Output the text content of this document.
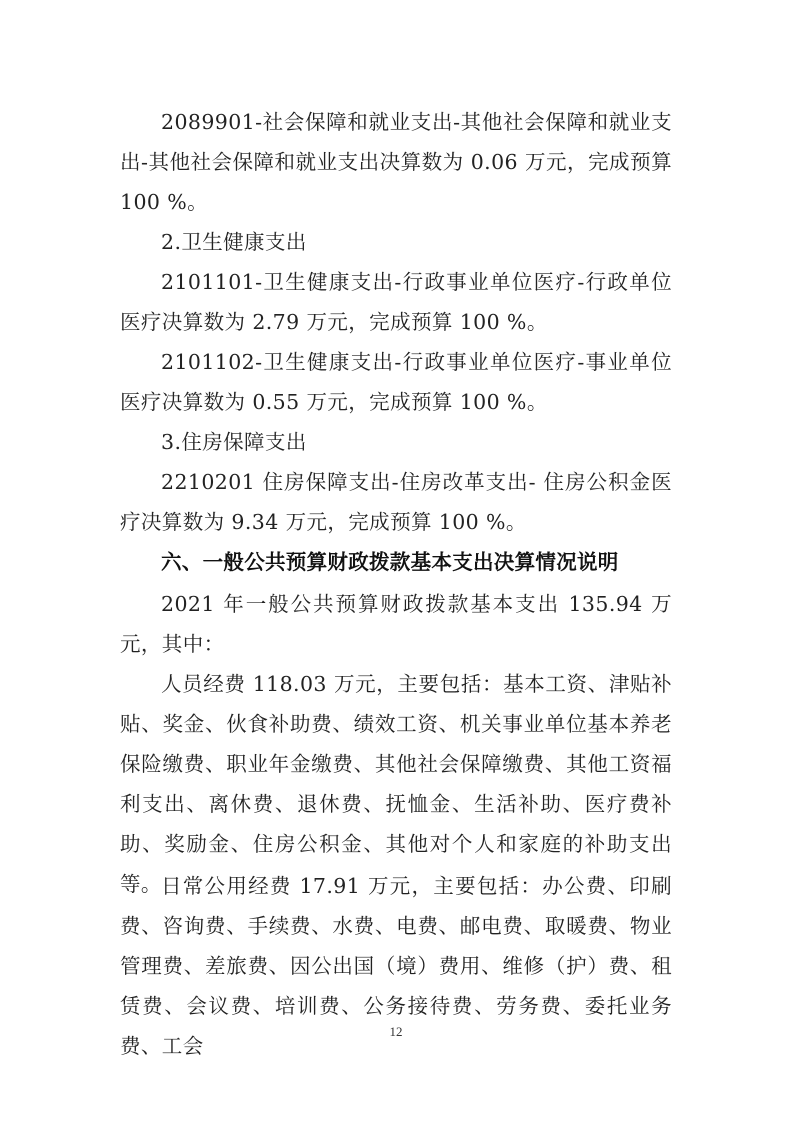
2089901-社会保障和就业支出-其他社会保障和就业支出-其他社会保障和就业支出决算数为 0.06 万元，完成预算 100 %。
2.卫生健康支出
2101101-卫生健康支出-行政事业单位医疗-行政单位医疗决算数为 2.79 万元，完成预算 100 %。
2101102-卫生健康支出-行政事业单位医疗-事业单位医疗决算数为 0.55 万元，完成预算 100 %。
3.住房保障支出
2210201 住房保障支出-住房改革支出- 住房公积金医疗决算数为 9.34 万元，完成预算 100 %。
六、一般公共预算财政拨款基本支出决算情况说明
2021 年一般公共预算财政拨款基本支出 135.94 万元，其中：
人员经费 118.03 万元，主要包括：基本工资、津贴补贴、奖金、伙食补助费、绩效工资、机关事业单位基本养老保险缴费、职业年金缴费、其他社会保障缴费、其他工资福利支出、离休费、退休费、抚恤金、生活补助、医疗费补助、奖励金、住房公积金、其他对个人和家庭的补助支出等。 日常公用经费 17.91 万元，主要包括：办公费、印刷费、咨询费、手续费、水费、电费、邮电费、取暖费、物业管理费、差旅费、因公出国（境）费用、维修（护）费、租赁费、会议费、培训费、公务接待费、劳务费、委托业务费、工会
12
